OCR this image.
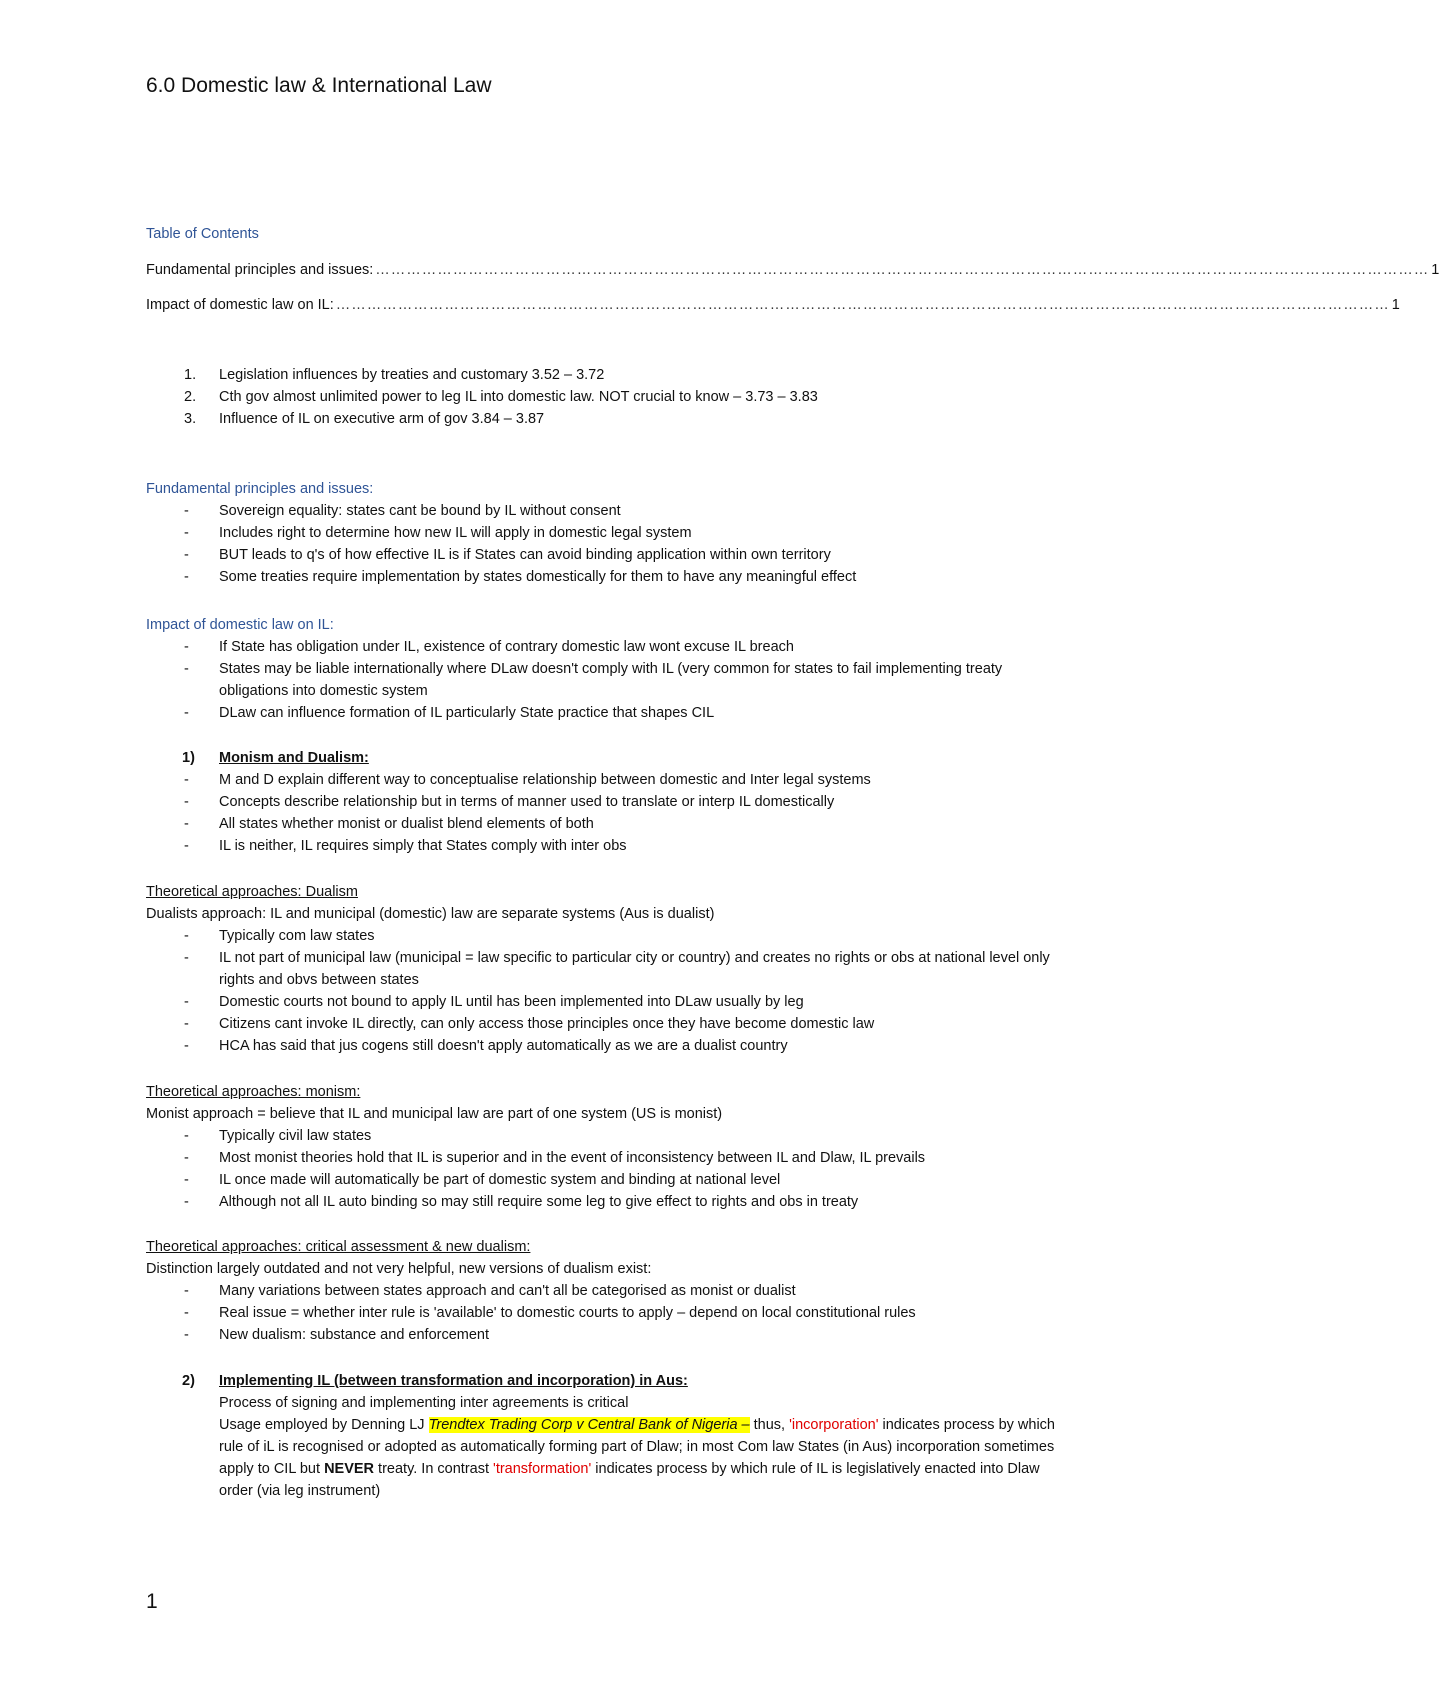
6.0 Domestic law & International Law
Table of Contents
Fundamental principles and issues: …………………………………………………………………………………………………………………………………………………………………………………… 1
Impact of domestic law on IL: …………………………………………………………………………………………………………………………………………………………………………………… 1
1. Legislation influences by treaties and customary 3.52 – 3.72
2. Cth gov almost unlimited power to leg IL into domestic law. NOT crucial to know – 3.73 – 3.83
3. Influence of IL on executive arm of gov 3.84 – 3.87
Fundamental principles and issues:
- Sovereign equality: states cant be bound by IL without consent
- Includes right to determine how new IL will apply in domestic legal system
- BUT leads to q's of how effective IL is if States can avoid binding application within own territory
- Some treaties require implementation by states domestically for them to have any meaningful effect
Impact of domestic law on IL:
- If State has obligation under IL, existence of contrary domestic law wont excuse IL breach
- States may be liable internationally where DLaw doesn't comply with IL (very common for states to fail implementing treaty obligations into domestic system
- DLaw can influence formation of IL particularly State practice that shapes CIL
1) Monism and Dualism:
- M and D explain different way to conceptualise relationship between domestic and Inter legal systems
- Concepts describe relationship but in terms of manner used to translate or interp IL domestically
- All states whether monist or dualist blend elements of both
- IL is neither, IL requires simply that States comply with inter obs
Theoretical approaches: Dualism
Dualists approach: IL and municipal (domestic) law are separate systems (Aus is dualist)
- Typically com law states
- IL not part of municipal law (municipal = law specific to particular city or country) and creates no rights or obs at national level only rights and obvs between states
- Domestic courts not bound to apply IL until has been implemented into DLaw usually by leg
- Citizens cant invoke IL directly, can only access those principles once they have become domestic law
- HCA has said that jus cogens still doesn't apply automatically as we are a dualist country
Theoretical approaches: monism:
Monist approach = believe that IL and municipal law are part of one system (US is monist)
- Typically civil law states
- Most monist theories hold that IL is superior and in the event of inconsistency between IL and Dlaw, IL prevails
- IL once made will automatically be part of domestic system and binding at national level
- Although not all IL auto binding so may still require some leg to give effect to rights and obs in treaty
Theoretical approaches: critical assessment & new dualism:
Distinction largely outdated and not very helpful, new versions of dualism exist:
- Many variations between states approach and can't all be categorised as monist or dualist
- Real issue = whether inter rule is 'available' to domestic courts to apply – depend on local constitutional rules
- New dualism: substance and enforcement
2) Implementing IL (between transformation and incorporation) in Aus:
Process of signing and implementing inter agreements is critical
Usage employed by Denning LJ Trendtex Trading Corp v Central Bank of Nigeria – thus, 'incorporation' indicates process by which rule of iL is recognised or adopted as automatically forming part of Dlaw; in most Com law States (in Aus) incorporation sometimes apply to CIL but NEVER treaty. In contrast 'transformation' indicates process by which rule of IL is legislatively enacted into Dlaw order (via leg instrument)
1
